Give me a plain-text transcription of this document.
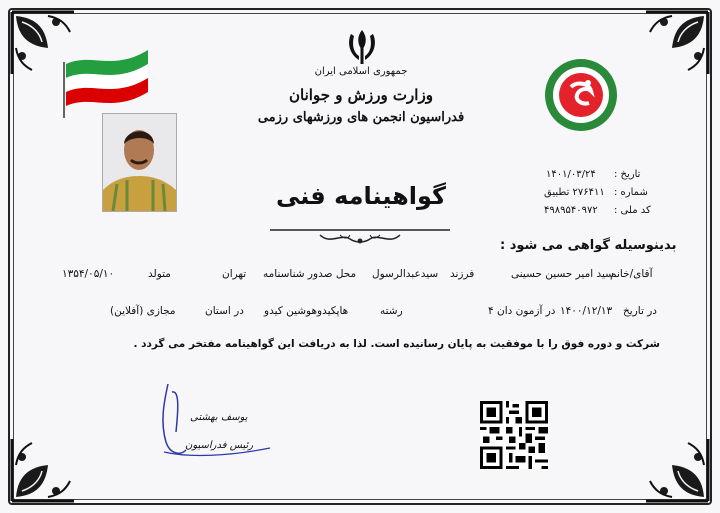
جمهوری اسلامی ایران
وزارت ورزش و جوانان
فدراسیون انجمن های ورزشهای رزمی
تاریخ :
۱۴۰۱/۰۳/۲۴
شماره :
۲۷۶۴۱۱ تطبیق
کد ملی :
۴۹۸۹۵۴۰۹۷۲
گواهینامه فنی
بدینوسیله گواهی می شود :
آقای/خانم
سید امیر حسین حسینی
فرزند
سیدعبدالرسول
محل صدور شناسنامه
تهران
متولد
۱۳۵۴/۰۵/۱۰
در تاریخ
۱۴۰۰/۱۲/۱۳
در آزمون دان ۴
رشته
هاپکیدوهوشین کیدو
در استان
مجازی (آفلاین)
شرکت و دوره فوق را با موفقیت به پایان رسانیده است. لذا به دریافت این گواهینامه مفتخر می گردد .
یوسف بهشتی
رئیس فدراسیون
